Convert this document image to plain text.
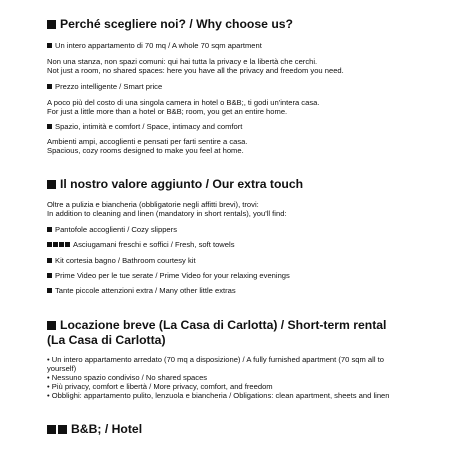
Perché scegliere noi? / Why choose us?

Un intero appartamento di 70 mq / A whole 70 sqm apartment

Non una stanza, non spazi comuni: qui hai tutta la privacy e la libertà che cerchi.

Not just a room, no shared spaces: here you have all the privacy and freedom you need.

Prezzo intelligente / Smart price

A poco più del costo di una singola camera in hotel o B&B;, ti godi un'intera casa.

For just a little more than a hotel or B&B; room, you get an entire home.

Spazio, intimità e comfort / Space, intimacy and comfort

Ambienti ampi, accoglienti e pensati per farti sentire a casa.

Spacious, cozy rooms designed to make you feel at home.

Il nostro valore aggiunto / Our extra touch

Oltre a pulizia e biancheria (obbligatorie negli affitti brevi), trovi:

In addition to cleaning and linen (mandatory in short rentals), you'll find:

Pantofole accoglienti / Cozy slippers

Asciugamani freschi e soffici / Fresh, soft towels

Kit cortesia bagno / Bathroom courtesy kit

Prime Video per le tue serate / Prime Video for your relaxing evenings

Tante piccole attenzioni extra / Many other little extras

Locazione breve (La Casa di Carlotta) / Short-term rental (La Casa di Carlotta)

• Un intero appartamento arredato (70 mq a disposizione) / A fully furnished apartment (70 sqm all to

yourself)

• Nessuno spazio condiviso / No shared spaces

• Più privacy, comfort e libertà / More privacy, comfort, and freedom

• Obblighi: appartamento pulito, lenzuola e biancheria / Obligations: clean apartment, sheets and linen

B&B; / Hotel
